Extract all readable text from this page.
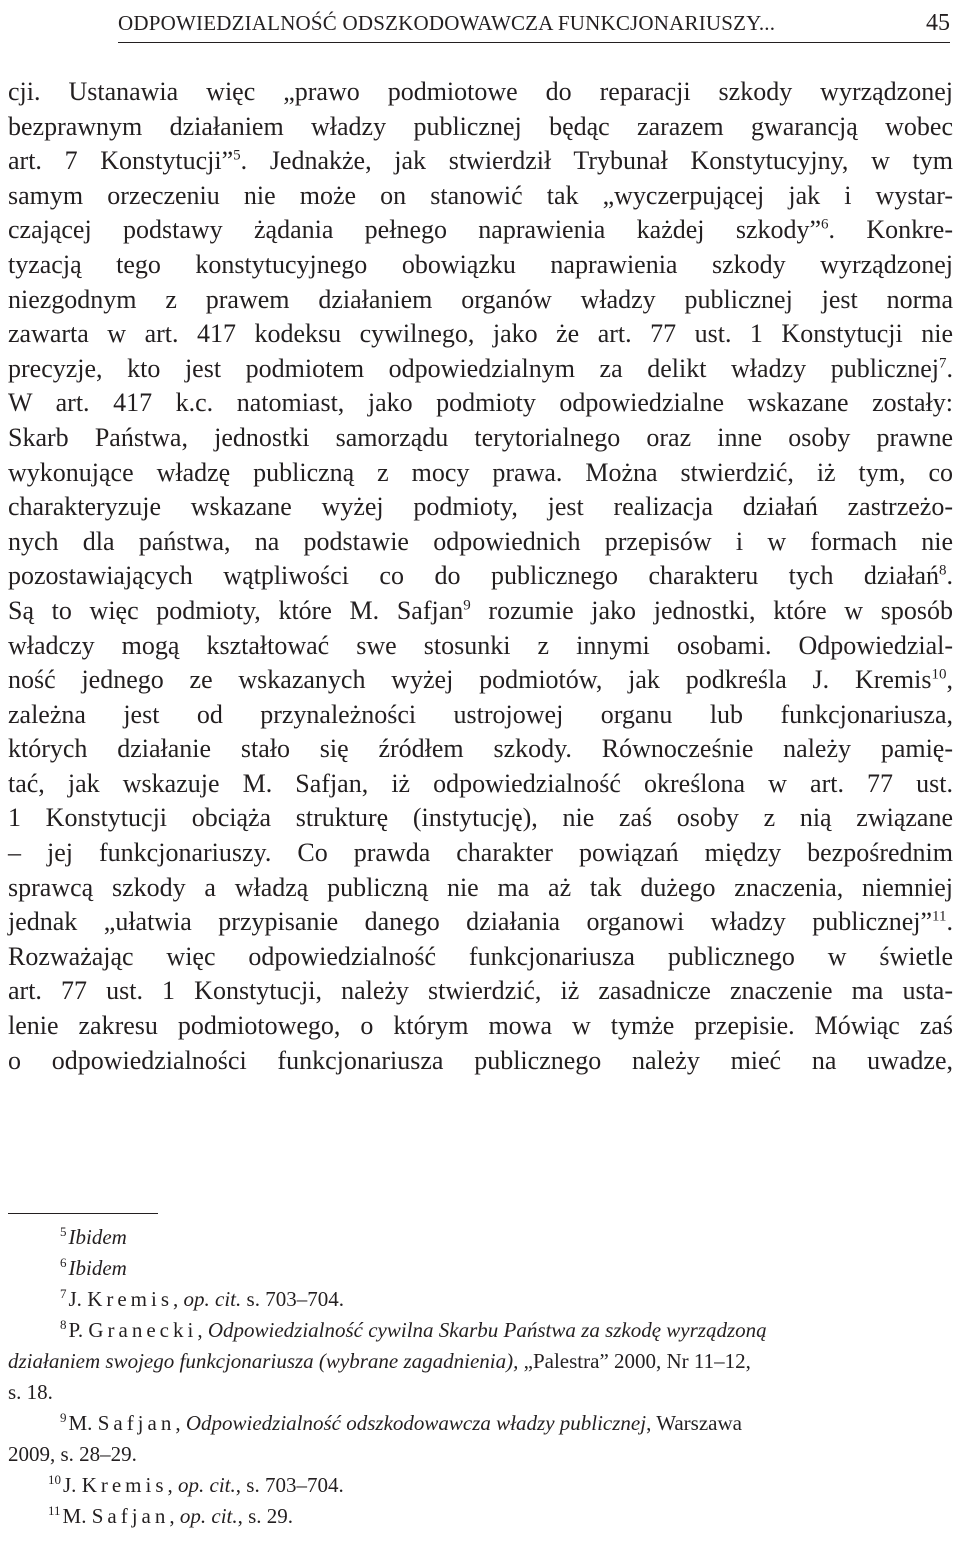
ODPOWIEDZIALNOŚĆ ODSZKODOWAWCZA FUNKCJONARIUSZY...	45
cji. Ustanawia więc „prawo podmiotowe do reparacji szkody wyrządzonej
bezprawnym działaniem władzy publicznej będąc zarazem gwarancją wobec
art. 7 Konstytucji”$^5$. Jednakże, jak stwierdził Trybunał Konstytucyjny, w tym
samym orzeczeniu nie może on stanowić tak „wyczerpującej jak i wystar-
czającej podstawy żądania pełnego naprawienia każdej szkody”$^6$. Konkre-
tyzacją tego konstytucyjnego obowiązku naprawienia szkody wyrządzonej
niezgodnym z prawem działaniem organów władzy publicznej jest norma
zawarta w art. 417 kodeksu cywilnego, jako że art. 77 ust. 1 Konstytucji nie
precyzje, kto jest podmiotem odpowiedzialnym za delikt władzy publicznej$^7$.
W art. 417 k.c. natomiast, jako podmioty odpowiedzialne wskazane zostały:
Skarb Państwa, jednostki samorządu terytorialnego oraz inne osoby prawne
wykonujące władzę publiczną z mocy prawa. Można stwierdzić, iż tym, co
charakteryzuje wskazane wyżej podmioty, jest realizacja działań zastrzeżo-
nych dla państwa, na podstawie odpowiednich przepisów i w formach nie
pozostawiających wątpliwości co do publicznego charakteru tych działań$^8$.
Są to więc podmioty, które M. Safjan$^9$ rozumie jako jednostki, które w sposób
władczy mogą kształtować swe stosunki z innymi osobami. Odpowiedzial-
ność jednego ze wskazanych wyżej podmiotów, jak podkreśla J. Kremis$^{10}$,
zależna jest od przynależności ustrojowej organu lub funkcjonariusza,
których działanie stało się źródłem szkody. Równocześnie należy pamię-
tać, jak wskazuje M. Safjan, iż odpowiedzialność określona w art. 77 ust.
1 Konstytucji obciąża strukturę (instytucję), nie zaś osoby z nią związane
– jej funkcjonariuszy. Co prawda charakter powiązań między bezpośrednim
sprawcą szkody a władzą publiczną nie ma aż tak dużego znaczenia, niemniej
jednak „ułatwia przypisanie danego działania organowi władzy publicznej”$^{11}$.
Rozważając więc odpowiedzialność funkcjonariusza publicznego w świetle
art. 77 ust. 1 Konstytucji, należy stwierdzić, iż zasadnicze znaczenie ma usta-
lenie zakresu podmiotowego, o którym mowa w tymże przepisie. Mówiąc zaś
o odpowiedzialności funkcjonariusza publicznego należy mieć na uwadze,
$^5$Ibidem
$^6$Ibidem
$^7$J. Kremis, op. cit. s. 703–704.
$^8$P. Granecki, Odpowiedzialność cywilna Skarbu Państwa za szkodę wyrządzoną
działaniem swojego funkcjonariusza (wybrane zagadnienia), „Palestra” 2000, Nr 11–12,
s. 18.
$^9$M. Safjan, Odpowiedzialność odszkodowawcza władzy publicznej, Warszawa
2009, s. 28–29.
$^{10}$J. Kremis, op. cit., s. 703–704.
$^{11}$M. Safjan, op. cit., s. 29.
